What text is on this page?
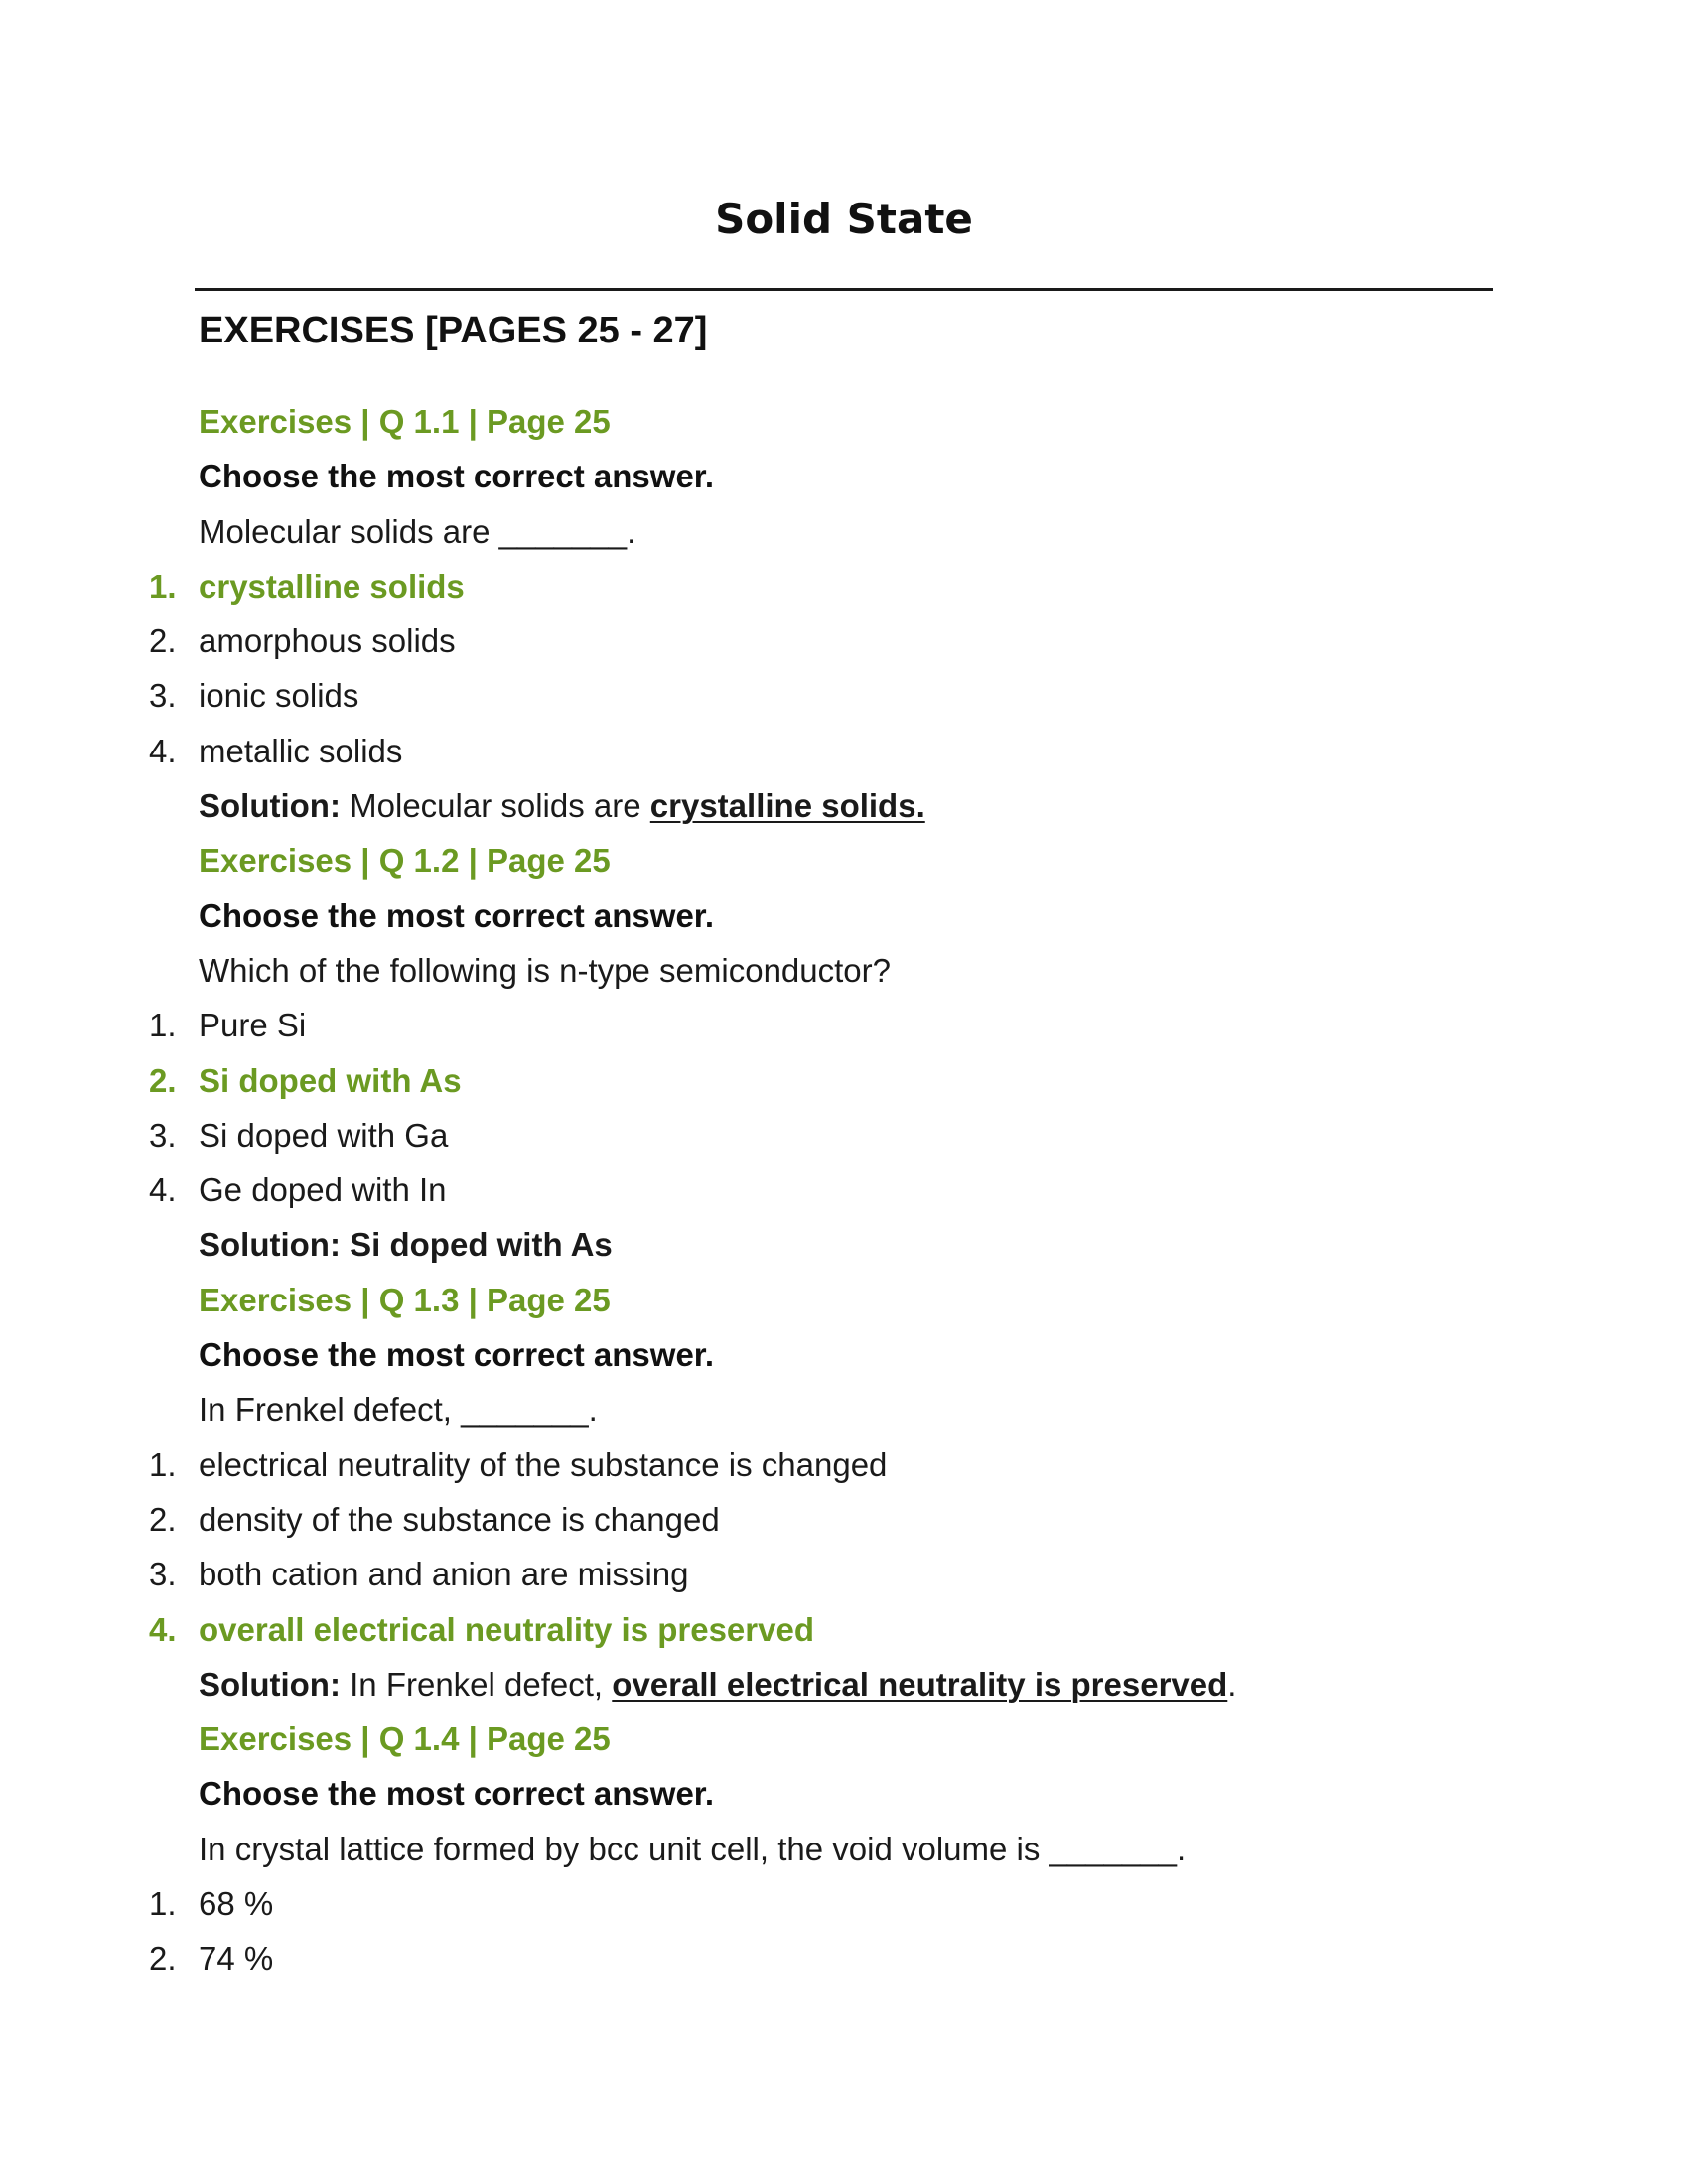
Solid State
EXERCISES [PAGES 25 - 27]
Exercises | Q 1.1 | Page 25
Choose the most correct answer.
Molecular solids are _______.
1. crystalline solids
2. amorphous solids
3. ionic solids
4. metallic solids
Solution: Molecular solids are crystalline solids.
Exercises | Q 1.2 | Page 25
Choose the most correct answer.
Which of the following is n-type semiconductor?
1. Pure Si
2. Si doped with As
3. Si doped with Ga
4. Ge doped with In
Solution: Si doped with As
Exercises | Q 1.3 | Page 25
Choose the most correct answer.
In Frenkel defect, _______.
1. electrical neutrality of the substance is changed
2. density of the substance is changed
3. both cation and anion are missing
4. overall electrical neutrality is preserved
Solution: In Frenkel defect, overall electrical neutrality is preserved.
Exercises | Q 1.4 | Page 25
Choose the most correct answer.
In crystal lattice formed by bcc unit cell, the void volume is _______.
1. 68 %
2. 74 %
